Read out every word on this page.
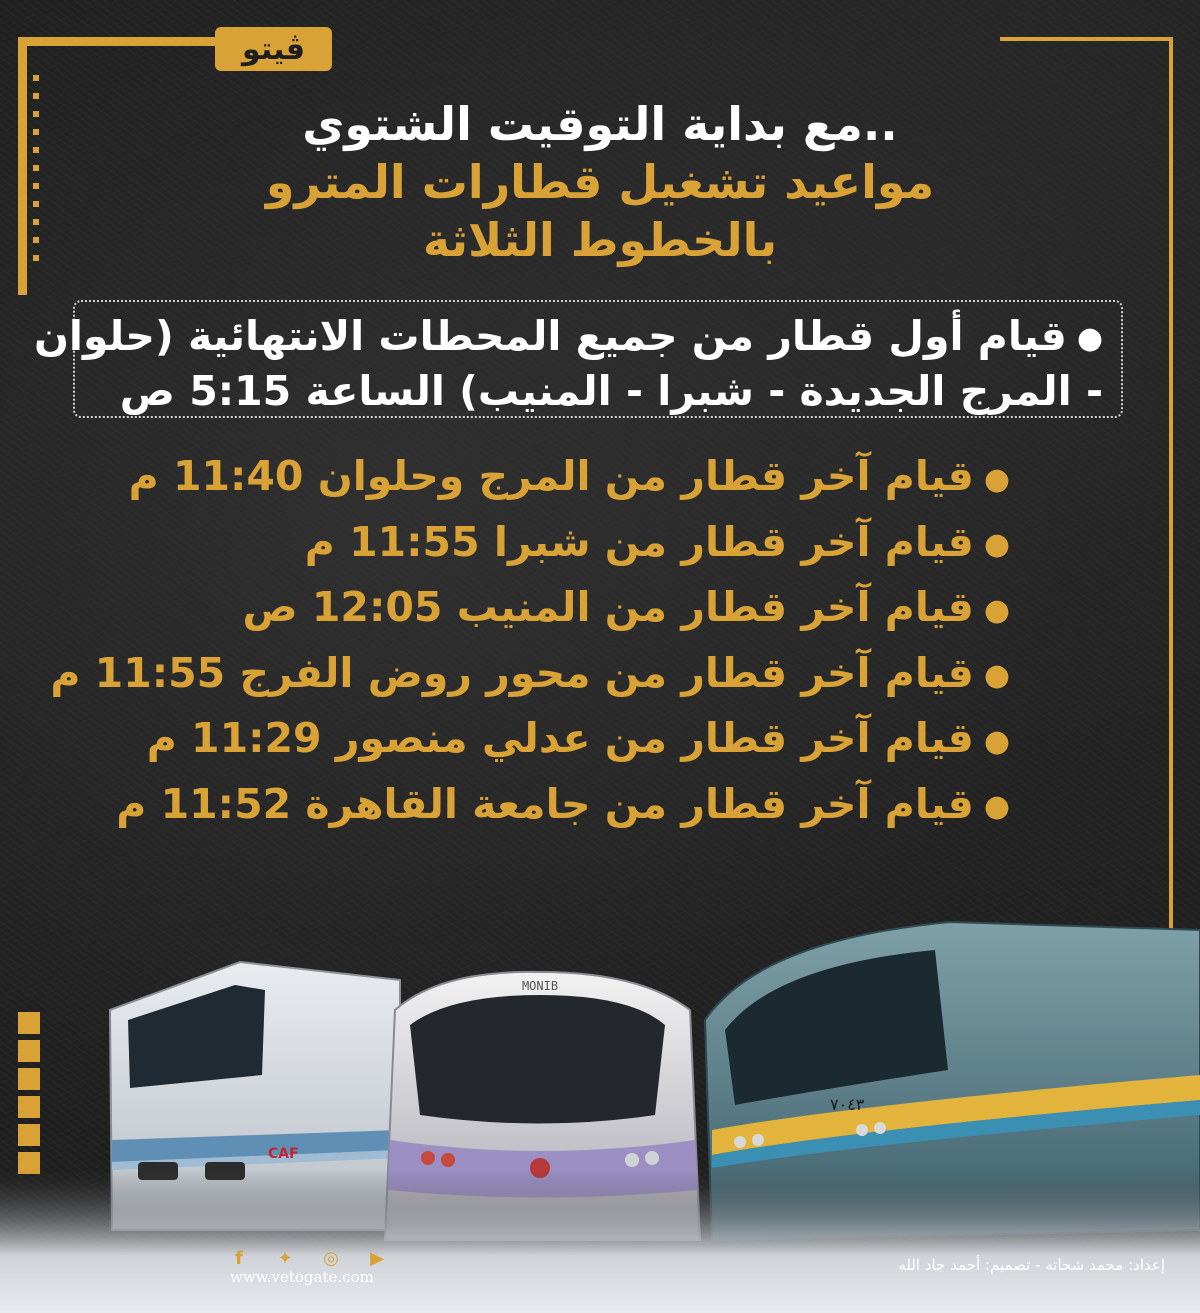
ڤيتو
مع بداية التوقيت الشتوي..
مواعيد تشغيل قطارات المترو
بالخطوط الثلاثة

●قيام أول قطار من جميع المحطات الانتهائية (حلوان

- المرج الجديدة - شبرا - المنيب) الساعة 5:15 ص

●قيام آخر قطار من المرج وحلوان 11:40 م
●قيام آخر قطار من شبرا 11:55 م
●قيام آخر قطار من المنيب 12:05 ص
●قيام آخر قطار من محور روض الفرج 11:55 م
●قيام آخر قطار من عدلي منصور 11:29 م
●قيام آخر قطار من جامعة القاهرة 11:52 م
CAF
MONIB
٧٠٤٣
f	✦ ◎ ▶
www.vetogate.com
إعداد: محمد شحاته - تصميم: أحمد جاد الله
